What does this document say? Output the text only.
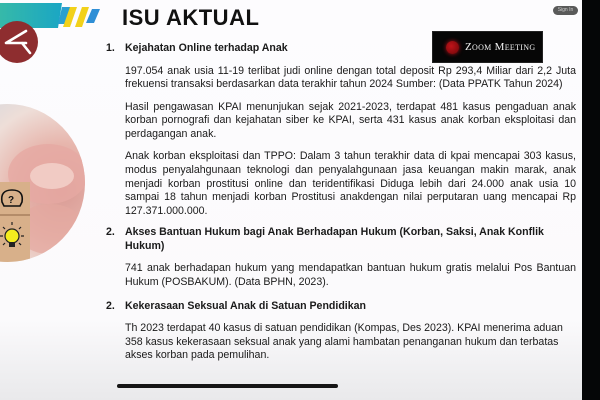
?
ISU AKTUAL
Zoom Meeting
Sign In
1. Kejahatan Online terhadap Anak

197.054 anak usia 11-19 terlibat judi online dengan total deposit Rp 293,4 Miliar dari 2,2 Juta frekuensi transaksi berdasarkan data terakhir tahun 2024 Sumber: (Data PPATK Tahun 2024)

Hasil pengawasan KPAI menunjukan sejak 2021-2023, terdapat 481 kasus pengaduan anak korban pornografi dan kejahatan siber ke KPAI, serta 431 kasus anak korban eksploitasi dan perdagangan anak.

Anak korban eksploitasi dan TPPO: Dalam 3 tahun terakhir data di kpai mencapai 303 kasus, modus penyalahgunaan teknologi dan penyalahgunaan jasa keuangan makin marak, anak menjadi korban prostitusi online dan teridentifikasi Diduga lebih dari 24.000 anak usia 10 sampai 18 tahun menjadi korban Prostitusi anakdengan nilai perputaran uang mencapai Rp 127.371.000.000.

2. Akses Bantuan Hukum bagi Anak Berhadapan Hukum (Korban, Saksi, Anak Konflik Hukum)

741 anak berhadapan hukum yang mendapatkan bantuan hukum gratis melalui Pos Bantuan Hukum (POSBAKUM). (Data BPHN, 2023).

2. Kekerasaan Seksual Anak di Satuan Pendidikan

Th 2023 terdapat 40 kasus di satuan pendidikan (Kompas, Des 2023). KPAI menerima aduan 358 kasus kekerasaan seksual anak yang alami hambatan penanganan hukum dan terbatas akses korban pada pemulihan.
